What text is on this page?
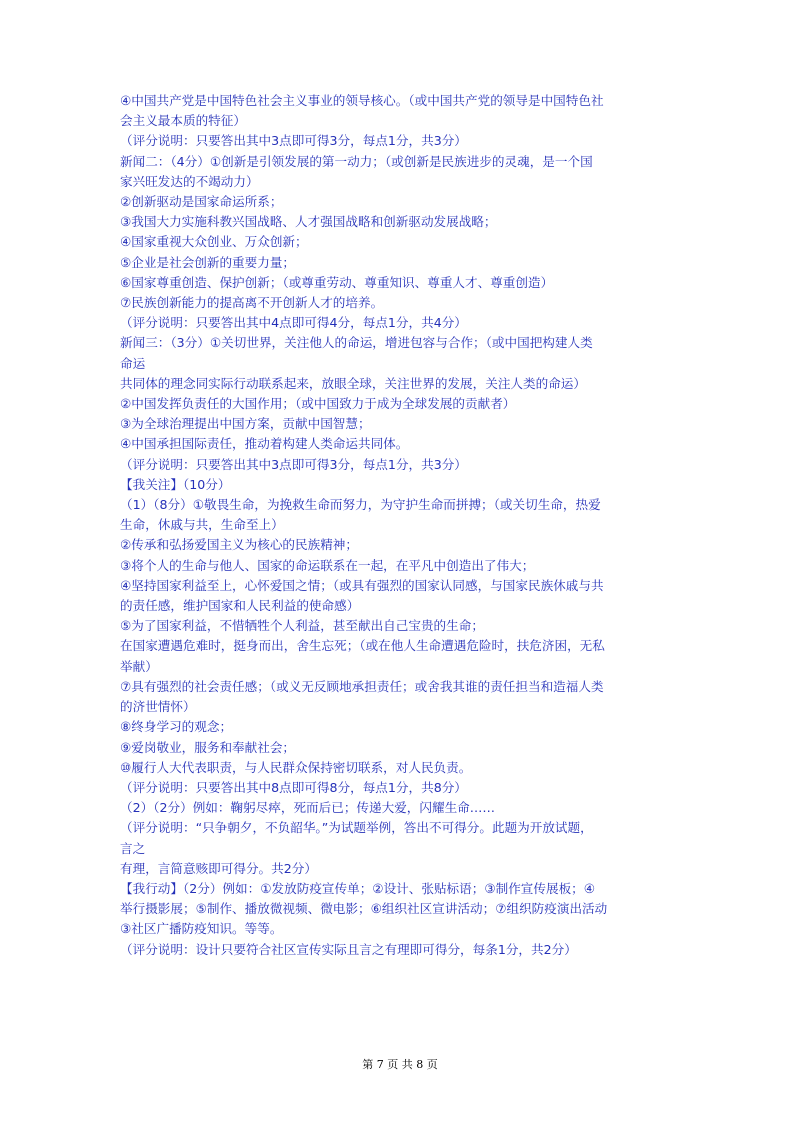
④中国共产党是中国特色社会主义事业的领导核心。（或中国共产党的领导是中国特色社
会主义最本质的特征）
（评分说明：只要答出其中3点即可得3分，每点1分，共3分）
新闻二：（4分）①创新是引领发展的第一动力；（或创新是民族进步的灵魂，是一个国
家兴旺发达的不竭动力）
②创新驱动是国家命运所系；
③我国大力实施科教兴国战略、人才强国战略和创新驱动发展战略；
④国家重视大众创业、万众创新；
⑤企业是社会创新的重要力量；
⑥国家尊重创造、保护创新；（或尊重劳动、尊重知识、尊重人才、尊重创造）
⑦民族创新能力的提高离不开创新人才的培养。
（评分说明：只要答出其中4点即可得4分，每点1分，共4分）
新闻三：（3分）①关切世界，关注他人的命运，增进包容与合作；（或中国把构建人类
命运
共同体的理念同实际行动联系起来，放眼全球，关注世界的发展，关注人类的命运）
②中国发挥负责任的大国作用；（或中国致力于成为全球发展的贡献者）
③为全球治理提出中国方案，贡献中国智慧；
④中国承担国际责任，推动着构建人类命运共同体。
（评分说明：只要答出其中3点即可得3分，每点1分，共3分）
【我关注】（10分）
（1）（8分）①敬畏生命，为挽救生命而努力，为守护生命而拼搏；（或关切生命，热爱
生命，休戚与共，生命至上）
②传承和弘扬爱国主义为核心的民族精神；
③将个人的生命与他人、国家的命运联系在一起，在平凡中创造出了伟大；
④坚持国家利益至上，心怀爱国之情；（或具有强烈的国家认同感，与国家民族休戚与共
的责任感，维护国家和人民利益的使命感）
⑤为了国家利益，不惜牺牲个人利益，甚至献出自己宝贵的生命；
在国家遭遇危难时，挺身而出，舍生忘死；（或在他人生命遭遇危险时，扶危济困，无私
举献）
⑦具有强烈的社会责任感；（或义无反顾地承担责任；或舍我其谁的责任担当和造福人类
的济世情怀）
⑧终身学习的观念；
⑨爱岗敬业，服务和奉献社会；
⑩履行人大代表职责，与人民群众保持密切联系，对人民负责。
（评分说明：只要答出其中8点即可得8分，每点1分，共8分）
（2）（2分）例如：鞠躬尽瘁，死而后已；传递大爱，闪耀生命……
（评分说明：“只争朝夕，不负韶华。”为试题举例，答出不可得分。此题为开放试题，
言之
有理，言简意赅即可得分。共2分）
【我行动】（2分）例如：①发放防疫宣传单；②设计、张贴标语；③制作宣传展板；④
举行摄影展；⑤制作、播放微视频、微电影；⑥组织社区宣讲活动；⑦组织防疫演出活动
③社区广播防疫知识。等等。
（评分说明：设计只要符合社区宣传实际且言之有理即可得分，每条1分，共2分）
第 7 页 共 8 页
